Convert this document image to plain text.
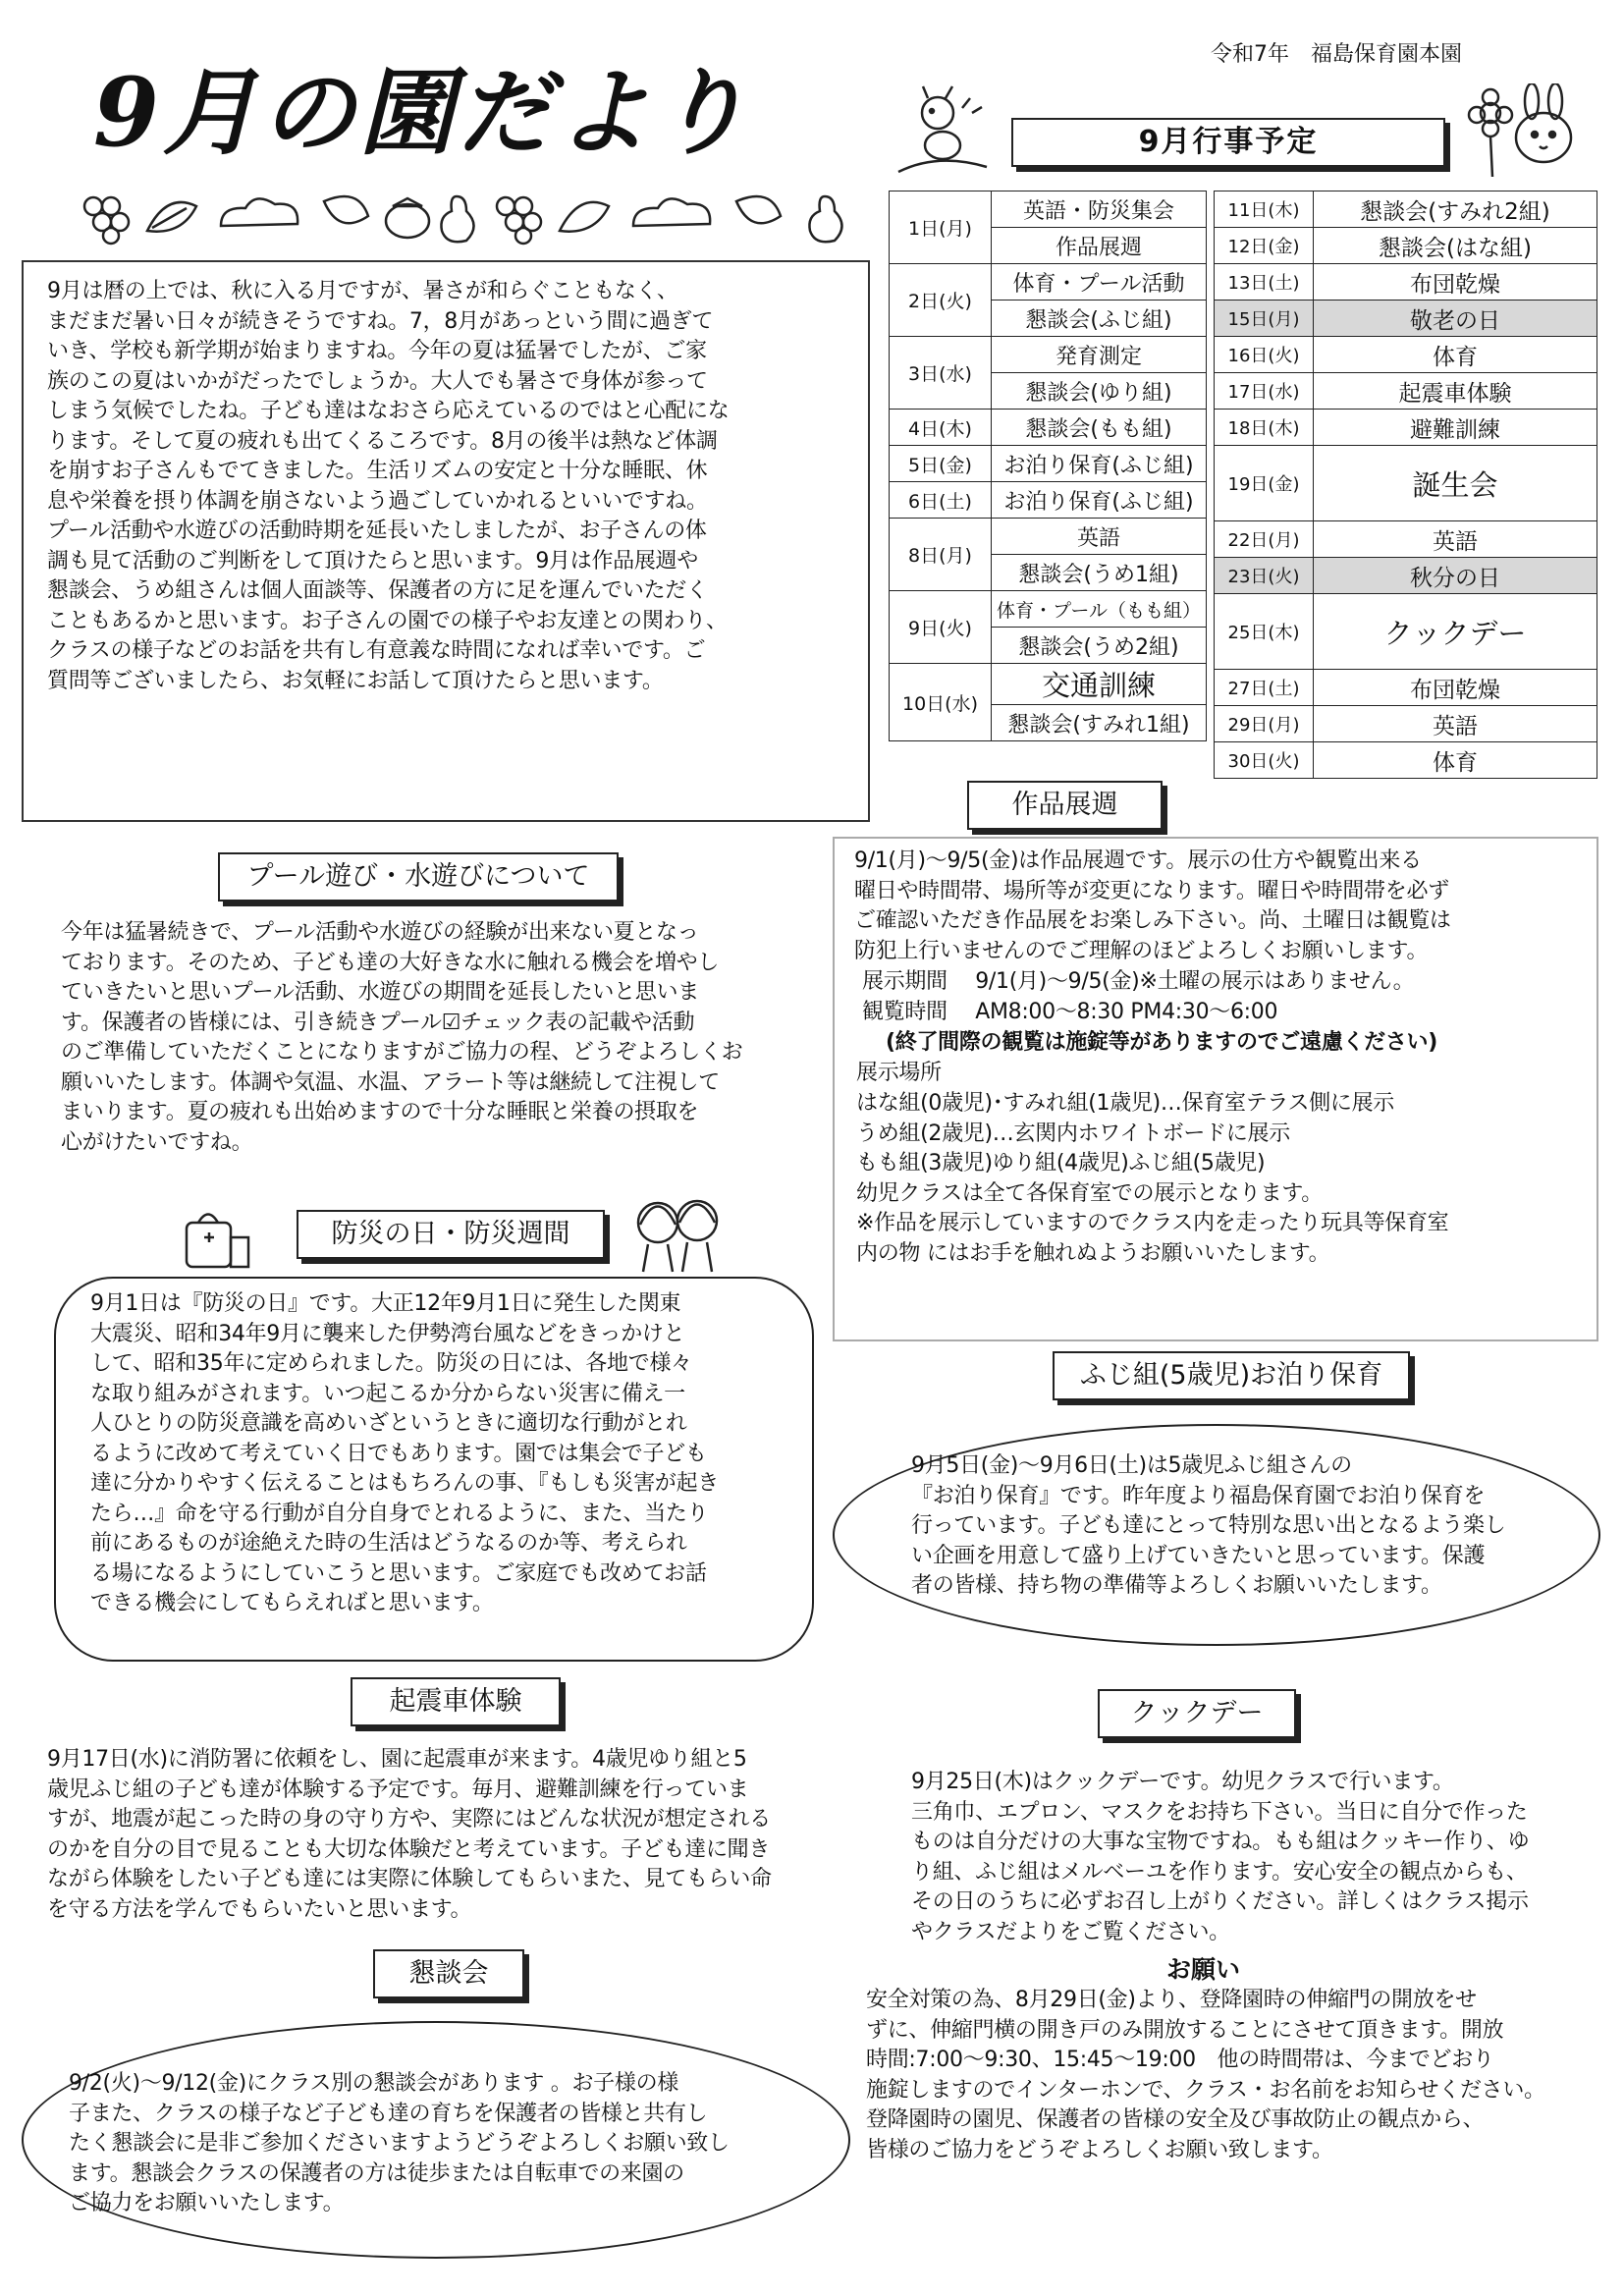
令和7年　福島保育園本園
9月の園だより	9月行事予定
9月は暦の上では、秋に入る月ですが、暑さが和らぐこともなく、
まだまだ暑い日々が続きそうですね。7，8月があっという間に過ぎて
いき、学校も新学期が始まりますね。今年の夏は猛暑でしたが、ご家
族のこの夏はいかがだったでしょうか。大人でも暑さで身体が参って
しまう気候でしたね。子ども達はなおさら応えているのではと心配にな
ります。そして夏の疲れも出てくるころです。8月の後半は熱など体調
を崩すお子さんもでてきました。生活リズムの安定と十分な睡眠、休
息や栄養を摂り体調を崩さないよう過ごしていかれるといいですね。
プール活動や水遊びの活動時期を延長いたしましたが、お子さんの体
調も見て活動のご判断をして頂けたらと思います。9月は作品展週や
懇談会、うめ組さんは個人面談等、保護者の方に足を運んでいただく
こともあるかと思います。お子さんの園での様子やお友達との関わり、
クラスの様子などのお話を共有し有意義な時間になれば幸いです。ご
質問等ございましたら、お気軽にお話して頂けたらと思います。
1日(月)	英語・防災集会
	作品展週
2日(火)	体育・プール活動
	懇談会(ふじ組)
3日(水)	発育測定
	懇談会(ゆり組)
4日(木)	懇談会(もも組)
5日(金)	お泊り保育(ふじ組)
6日(土)	お泊り保育(ふじ組)
8日(月)	英語
	懇談会(うめ1組)
9日(火)	体育・プール（もも組）
	懇談会(うめ2組)
10日(水)	交通訓練
	懇談会(すみれ1組)
11日(木)	懇談会(すみれ2組)
12日(金)	懇談会(はな組)
13日(土)	布団乾燥
15日(月)	敬老の日
16日(火)	体育
17日(水)	起震車体験
18日(木)	避難訓練
19日(金)	誕生会
22日(月)	英語
23日(火)	秋分の日
25日(木)	クックデー
27日(土)	布団乾燥
29日(月)	英語
30日(火)	体育
プール遊び・水遊びについて
今年は猛暑続きで、プール活動や水遊びの経験が出来ない夏となっ
ております。そのため、子ども達の大好きな水に触れる機会を増やし
ていきたいと思いプール活動、水遊びの期間を延長したいと思いま
す。保護者の皆様には、引き続きプール☑チェック表の記載や活動
のご準備していただくことになりますがご協力の程、どうぞよろしくお
願いいたします。体調や気温、水温、アラート等は継続して注視して
まいります。夏の疲れも出始めますので十分な睡眠と栄養の摂取を
心がけたいですね。
防災の日・防災週間
9月1日は『防災の日』です。大正12年9月1日に発生した関東
大震災、昭和34年9月に襲来した伊勢湾台風などをきっかけと
して、昭和35年に定められました。防災の日には、各地で様々
な取り組みがされます。いつ起こるか分からない災害に備え一
人ひとりの防災意識を高めいざというときに適切な行動がとれ
るように改めて考えていく日でもあります。園では集会で子ども
達に分かりやすく伝えることはもちろんの事、『もしも災害が起き
たら…』命を守る行動が自分自身でとれるように、また、当たり
前にあるものが途絶えた時の生活はどうなるのか等、考えられ
る場になるようにしていこうと思います。ご家庭でも改めてお話
できる機会にしてもらえればと思います。
起震車体験
9月17日(水)に消防署に依頼をし、園に起震車が来ます。4歳児ゆり組と5
歳児ふじ組の子ども達が体験する予定です。毎月、避難訓練を行っていま
すが、地震が起こった時の身の守り方や、実際にはどんな状況が想定される
のかを自分の目で見ることも大切な体験だと考えています。子ども達に聞き
ながら体験をしたい子ども達には実際に体験してもらいまた、見てもらい命
を守る方法を学んでもらいたいと思います。
懇談会
9/2(火)～9/12(金)にクラス別の懇談会があります 。お子様の様
子また、クラスの様子など子ども達の育ちを保護者の皆様と共有し
たく懇談会に是非ご参加くださいますようどうぞよろしくお願い致し
ます。懇談会クラスの保護者の方は徒歩または自転車での来園の
ご協力をお願いいたします。
作品展週
9/1(月)～9/5(金)は作品展週です。展示の仕方や観覧出来る
曜日や時間帯、場所等が変更になります。曜日や時間帯を必ず
ご確認いただき作品展をお楽しみ下さい。尚、土曜日は観覧は
防犯上行いませんのでご理解のほどよろしくお願いします。
展示期間　 9/1(月)～9/5(金)※土曜の展示はありません。
観覧時間　 AM8:00～8:30 PM4:30～6:00
(終了間際の観覧は施錠等がありますのでご遠慮ください)
展示場所
はな組(0歳児)･すみれ組(1歳児)…保育室テラス側に展示
うめ組(2歳児)…玄関内ホワイトボードに展示
もも組(3歳児)ゆり組(4歳児)ふじ組(5歳児)
幼児クラスは全て各保育室での展示となります。
※作品を展示していますのでクラス内を走ったり玩具等保育室
内の物 にはお手を触れぬようお願いいたします。
ふじ組(5歳児)お泊り保育
9月5日(金)～9月6日(土)は5歳児ふじ組さんの
『お泊り保育』です。昨年度より福島保育園でお泊り保育を
行っています。子ども達にとって特別な思い出となるよう楽し
い企画を用意して盛り上げていきたいと思っています。保護
者の皆様、持ち物の準備等よろしくお願いいたします。
クックデー
9月25日(木)はクックデーです。幼児クラスで行います。
三角巾、エプロン、マスクをお持ち下さい。当日に自分で作った
ものは自分だけの大事な宝物ですね。もも組はクッキー作り、ゆ
り組、ふじ組はメルベーユを作ります。安心安全の観点からも、
その日のうちに必ずお召し上がりください。詳しくはクラス掲示
やクラスだよりをご覧ください。
お願い
安全対策の為、8月29日(金)より、登降園時の伸縮門の開放をせ
ずに、伸縮門横の開き戸のみ開放することにさせて頂きます。開放
時間:7:00～9:30、15:45～19:00　他の時間帯は、今までどおり
施錠しますのでインターホンで、クラス・お名前をお知らせください。
登降園時の園児、保護者の皆様の安全及び事故防止の観点から、
皆様のご協力をどうぞよろしくお願い致します。
